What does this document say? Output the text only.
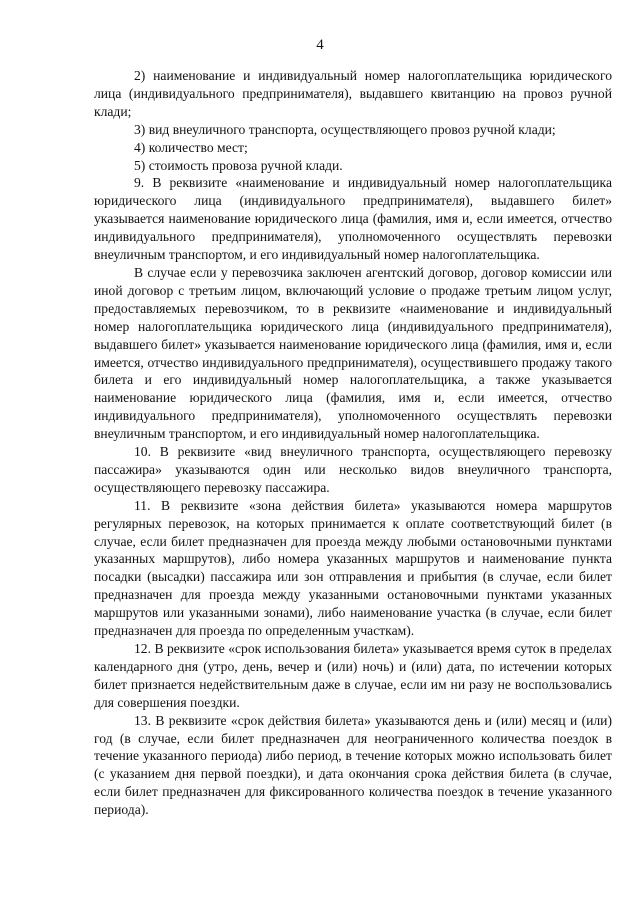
4

2) наименование и индивидуальный номер налогоплательщика юридического лица (индивидуального предпринимателя), выдавшего квитанцию на провоз ручной клади;

3) вид внеуличного транспорта, осуществляющего провоз ручной клади;

4) количество мест;

5) стоимость провоза ручной клади.

9. В реквизите «наименование и индивидуальный номер налогоплательщика юридического лица (индивидуального предпринимателя), выдавшего билет» указывается наименование юридического лица (фамилия, имя и, если имеется, отчество индивидуального предпринимателя), уполномоченного осуществлять перевозки внеуличным транспортом, и его индивидуальный номер налогоплательщика.

В случае если у перевозчика заключен агентский договор, договор комиссии или иной договор с третьим лицом, включающий условие о продаже третьим лицом услуг, предоставляемых перевозчиком, то в реквизите «наименование и индивидуальный номер налогоплательщика юридического лица (индивидуального предпринимателя), выдавшего билет» указывается наименование юридического лица (фамилия, имя и, если имеется, отчество индивидуального предпринимателя), осуществившего продажу такого билета и его индивидуальный номер налогоплательщика, а также указывается наименование юридического лица (фамилия, имя и, если имеется, отчество индивидуального предпринимателя), уполномоченного осуществлять перевозки внеуличным транспортом, и его индивидуальный номер налогоплательщика.

10. В реквизите «вид внеуличного транспорта, осуществляющего перевозку пассажира» указываются один или несколько видов внеуличного транспорта, осуществляющего перевозку пассажира.

11. В реквизите «зона действия билета» указываются номера маршрутов регулярных перевозок, на которых принимается к оплате соответствующий билет (в случае, если билет предназначен для проезда между любыми остановочными пунктами указанных маршрутов), либо номера указанных маршрутов и наименование пункта посадки (высадки) пассажира или зон отправления и прибытия (в случае, если билет предназначен для проезда между указанными остановочными пунктами указанных маршрутов или указанными зонами), либо наименование участка (в случае, если билет предназначен для проезда по определенным участкам).

12. В реквизите «срок использования билета» указывается время суток в пределах календарного дня (утро, день, вечер и (или) ночь) и (или) дата, по истечении которых билет признается недействительным даже в случае, если им ни разу не воспользовались для совершения поездки.

13. В реквизите «срок действия билета» указываются день и (или) месяц и (или) год (в случае, если билет предназначен для неограниченного количества поездок в течение указанного периода) либо период, в течение которых можно использовать билет (с указанием дня первой поездки), и дата окончания срока действия билета (в случае, если билет предназначен для фиксированного количества поездок в течение указанного периода).
